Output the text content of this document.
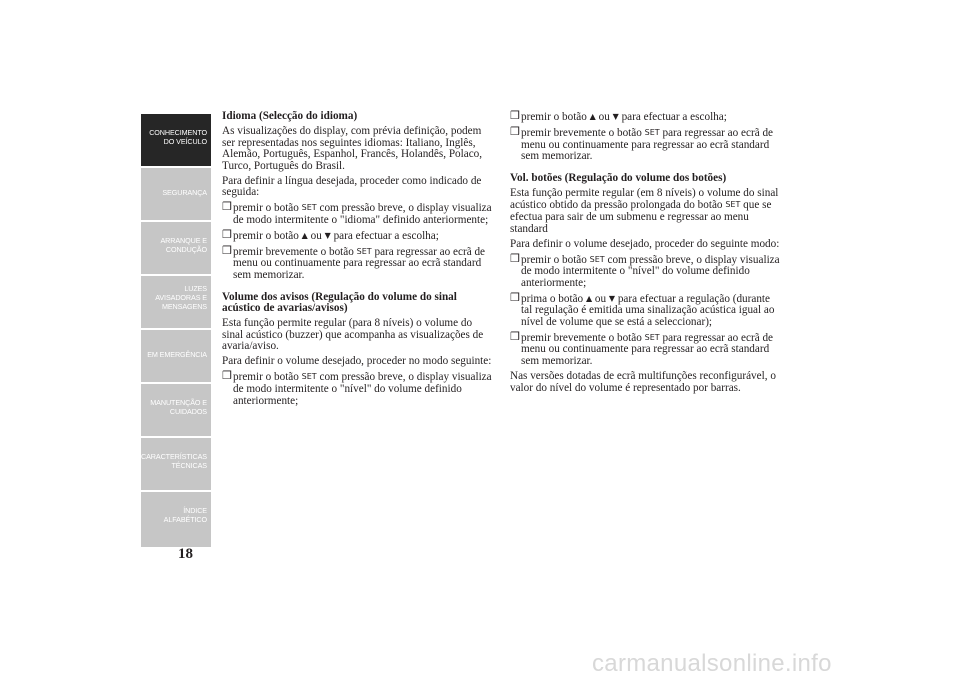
CONHECIMENTO DO VEÍCULO
SEGURANÇA
ARRANQUE E CONDUÇÃO
LUZES AVISADORAS E MENSAGENS
EM EMERGÊNCIA
MANUTENÇÃO E CUIDADOS
CARACTERÍSTICAS TÉCNICAS
ÍNDICE ALFABÉTICO
18
Idioma (Selecção do idioma)
As visualizações do display, com prévia definição, podem ser representadas nos seguintes idiomas: Italiano, Inglês, Alemão, Português, Espanhol, Francês, Holandês, Polaco, Turco, Português do Brasil.
Para definir a língua desejada, proceder como indicado de seguida:
❒ premir o botão SET com pressão breve, o display visualiza de modo intermitente o "idioma" definido anteriormente;
❒ premir o botão ▲ ou ▼ para efectuar a escolha;
❒ premir brevemente o botão SET para regressar ao ecrã de menu ou continuamente para regressar ao ecrã standard sem memorizar.
Volume dos avisos (Regulação do volume do sinal acústico de avarias/avisos)
Esta função permite regular (para 8 níveis) o volume do sinal acústico (buzzer) que acompanha as visualizações de avaria/aviso.
Para definir o volume desejado, proceder no modo seguinte:
❒ premir o botão SET com pressão breve, o display visualiza de modo intermitente o "nível" do volume definido anteriormente;
❒ premir o botão ▲ ou ▼ para efectuar a escolha;
❒ premir brevemente o botão SET para regressar ao ecrã de menu ou continuamente para regressar ao ecrã standard sem memorizar.
Vol. botões (Regulação do volume dos botões)
Esta função permite regular (em 8 níveis) o volume do sinal acústico obtido da pressão prolongada do botão SET que se efectua para sair de um submenu e regressar ao menu standard
Para definir o volume desejado, proceder do seguinte modo:
❒ premir o botão SET com pressão breve, o display visualiza de modo intermitente o "nível" do volume definido anteriormente;
❒ prima o botão ▲ ou ▼ para efectuar a regulação (durante tal regulação é emitida uma sinalização acústica igual ao nível de volume que se está a seleccionar);
❒ premir brevemente o botão SET para regressar ao ecrã de menu ou continuamente para regressar ao ecrã standard sem memorizar.
Nas versões dotadas de ecrã multifunções reconfigurável, o valor do nível do volume é representado por barras.
carmanualsonline.info
